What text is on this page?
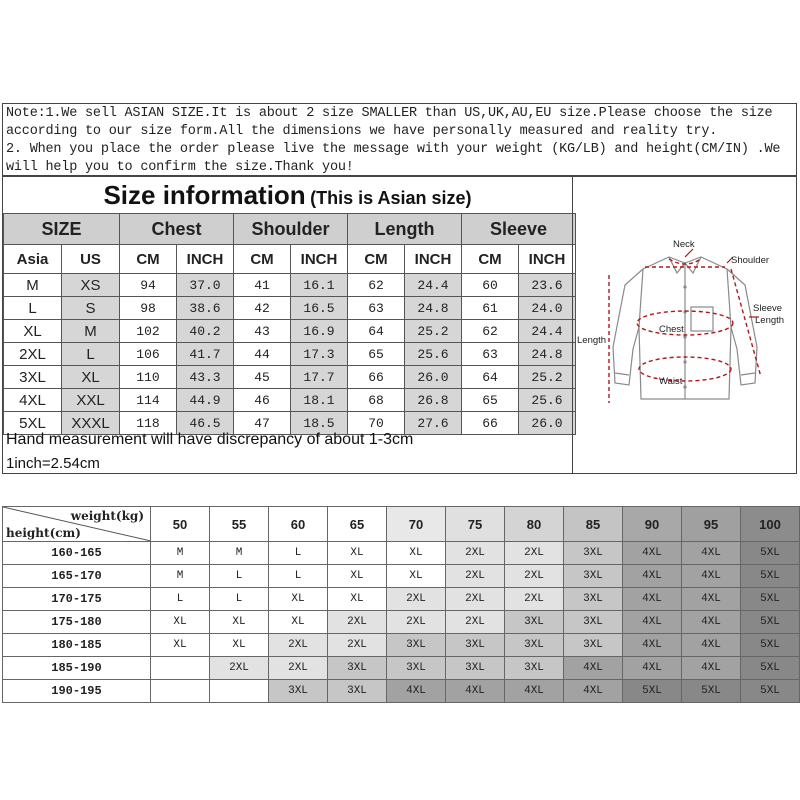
Note:1.We sell ASIAN SIZE.It is about 2 size SMALLER than US,UK,AU,EU size.Please choose the size
according to our size form.All the dimensions we have personally measured and reality try.
2. When you place the order please live the message with your weight (KG/LB) and height(CM/IN) .We
will help you to confirm the size.Thank you!
Size information (This is Asian size)
SIZE		Chest		Shoulder		Length		Sleeve	
Asia	US	CM	INCH	CM	INCH	CM	INCH	CM	INCH
M	XS	94	37.0	41	16.1	62	24.4	60	23.6
L	S	98	38.6	42	16.5	63	24.8	61	24.0
XL	M	102	40.2	43	16.9	64	25.2	62	24.4
2XL	L	106	41.7	44	17.3	65	25.6	63	24.8
3XL	XL	110	43.3	45	17.7	66	26.0	64	25.2
4XL	XXL	114	44.9	46	18.1	68	26.8	65	25.6
5XL	XXXL	118	46.5	47	18.5	70	27.6	66	26.0
Hand measurement will have discrepancy of about 1-3cm
1inch=2.54cm
Neck
Shoulder
Sleeve
Length
Length
Chest
Waist
weight(kg)
height(cm)	50	55	60	65	70	75	80	85	90	95	100
160-165	M	M	L	XL	XL	2XL	2XL	3XL	4XL	4XL	5XL
165-170	M	L	L	XL	XL	2XL	2XL	3XL	4XL	4XL	5XL
170-175	L	L	XL	XL	2XL	2XL	2XL	3XL	4XL	4XL	5XL
175-180	XL	XL	XL	2XL	2XL	2XL	3XL	3XL	4XL	4XL	5XL
180-185	XL	XL	2XL	2XL	3XL	3XL	3XL	3XL	4XL	4XL	5XL
185-190		2XL	2XL	3XL	3XL	3XL	3XL	4XL	4XL	4XL	5XL
190-195			3XL	3XL	4XL	4XL	4XL	4XL	5XL	5XL	5XL
